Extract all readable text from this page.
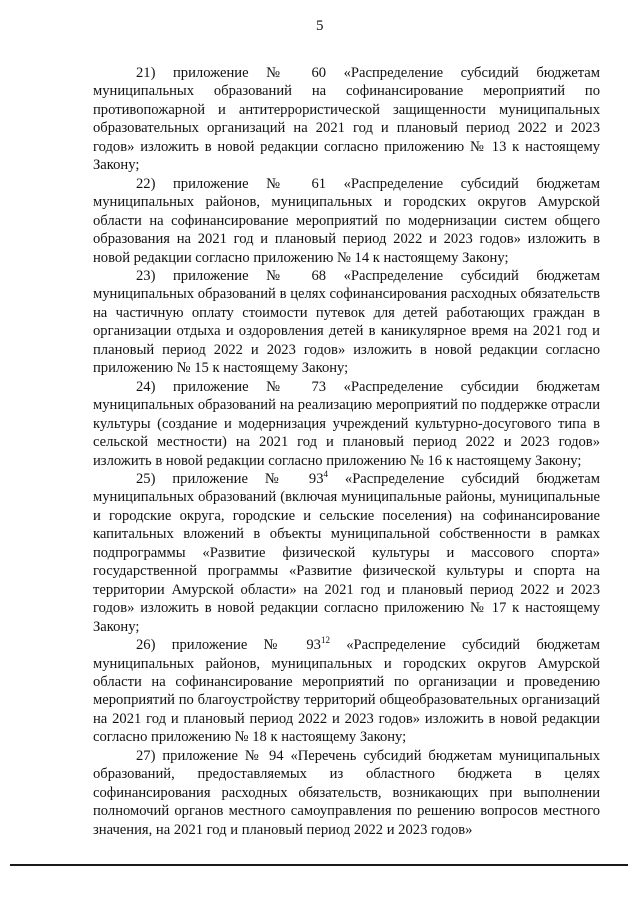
5

21) приложение № 60 «Распределение субсидий бюджетам муниципальных образований на софинансирование мероприятий по противопожарной и антитеррористической защищенности муниципальных образовательных организаций на 2021 год и плановый период 2022 и 2023 годов» изложить в новой редакции согласно приложению № 13 к настоящему Закону;

22) приложение № 61 «Распределение субсидий бюджетам муниципальных районов, муниципальных и городских округов Амурской области на софинансирование мероприятий по модернизации систем общего образования на 2021 год и плановый период 2022 и 2023 годов» изложить в новой редакции согласно приложению № 14 к настоящему Закону;

23) приложение № 68 «Распределение субсидий бюджетам муниципальных образований в целях софинансирования расходных обязательств на частичную оплату стоимости путевок для детей работающих граждан в организации отдыха и оздоровления детей в каникулярное время на 2021 год и плановый период 2022 и 2023 годов» изложить в новой редакции согласно приложению № 15 к настоящему Закону;

24) приложение № 73 «Распределение субсидии бюджетам муниципальных образований на реализацию мероприятий по поддержке отрасли культуры (создание и модернизация учреждений культурно-досугового типа в сельской местности) на 2021 год и плановый период 2022 и 2023 годов» изложить в новой редакции согласно приложению № 16 к настоящему Закону;

25) приложение № $93^4$ «Распределение субсидий бюджетам муниципальных образований (включая муниципальные районы, муниципальные и городские округа, городские и сельские поселения) на софинансирование капитальных вложений в объекты муниципальной собственности в рамках подпрограммы «Развитие физической культуры и массового спорта» государственной программы «Развитие физической культуры и спорта на территории Амурской области» на 2021 год и плановый период 2022 и 2023 годов» изложить в новой редакции согласно приложению № 17 к настоящему Закону;

26) приложение № $93^{12}$ «Распределение субсидий бюджетам муниципальных районов, муниципальных и городских округов Амурской области на софинансирование мероприятий по организации и проведению мероприятий по благоустройству территорий общеобразовательных организаций на 2021 год и плановый период 2022 и 2023 годов» изложить в новой редакции согласно приложению № 18 к настоящему Закону;

27) приложение № 94 «Перечень субсидий бюджетам муниципальных образований, предоставляемых из областного бюджета в целях софинансирования расходных обязательств, возникающих при выполнении полномочий органов местного самоуправления по решению вопросов местного значения, на 2021 год и плановый период 2022 и 2023 годов»
